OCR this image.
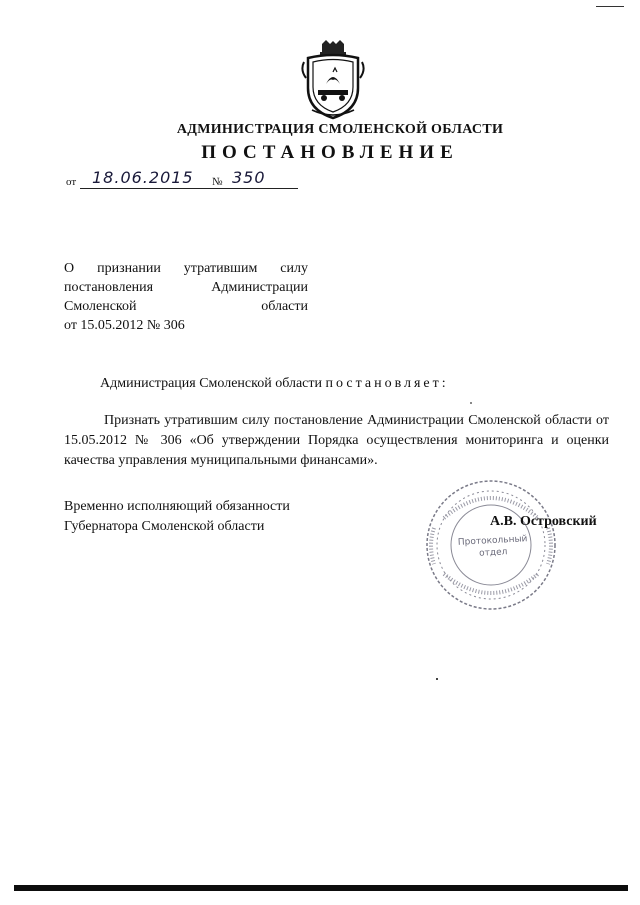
АДМИНИСТРАЦИЯ СМОЛЕНСКОЙ ОБЛАСТИ
ПОСТАНОВЛЕНИЕ
от 18.06.2015 № 350
О признании утратившим силу
постановления Администрации
Смоленской области
от 15.05.2012 № 306
Администрация Смоленской области постановляет:
Признать утратившим силу постановление Администрации Смоленской области от 15.05.2012 № 306 «Об утверждении Порядка осуществления мониторинга и оценки качества управления муниципальными финансами».
Временно исполняющий обязанности
Губернатора Смоленской области
Протокольный
отдел
А.В. Островский
